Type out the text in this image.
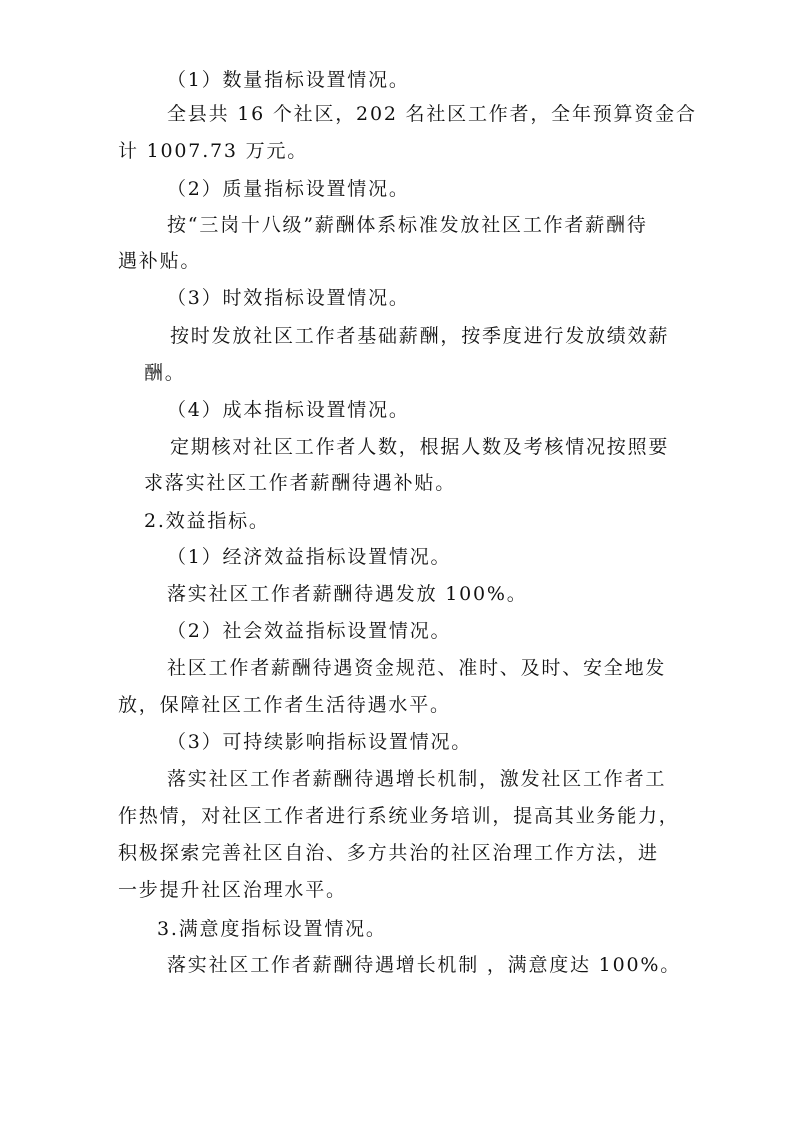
（1）数量指标设置情况。
全县共 16 个社区，202 名社区工作者，全年预算资金合
计 1007.73 万元。
（2）质量指标设置情况。
按“三岗十八级”薪酬体系标准发放社区工作者薪酬待
遇补贴。
（3）时效指标设置情况。
按时发放社区工作者基础薪酬，按季度进行发放绩效薪
酬。
（4）成本指标设置情况。
定期核对社区工作者人数，根据人数及考核情况按照要
求落实社区工作者薪酬待遇补贴。
2.效益指标。
（1）经济效益指标设置情况。
落实社区工作者薪酬待遇发放 100%。
（2）社会效益指标设置情况。
社区工作者薪酬待遇资金规范、准时、及时、安全地发
放，保障社区工作者生活待遇水平。
（3）可持续影响指标设置情况。
落实社区工作者薪酬待遇增长机制，激发社区工作者工
作热情，对社区工作者进行系统业务培训，提高其业务能力，
积极探索完善社区自治、多方共治的社区治理工作方法，进
一步提升社区治理水平。
3.满意度指标设置情况。
落实社区工作者薪酬待遇增长机制 ，满意度达 100%。
